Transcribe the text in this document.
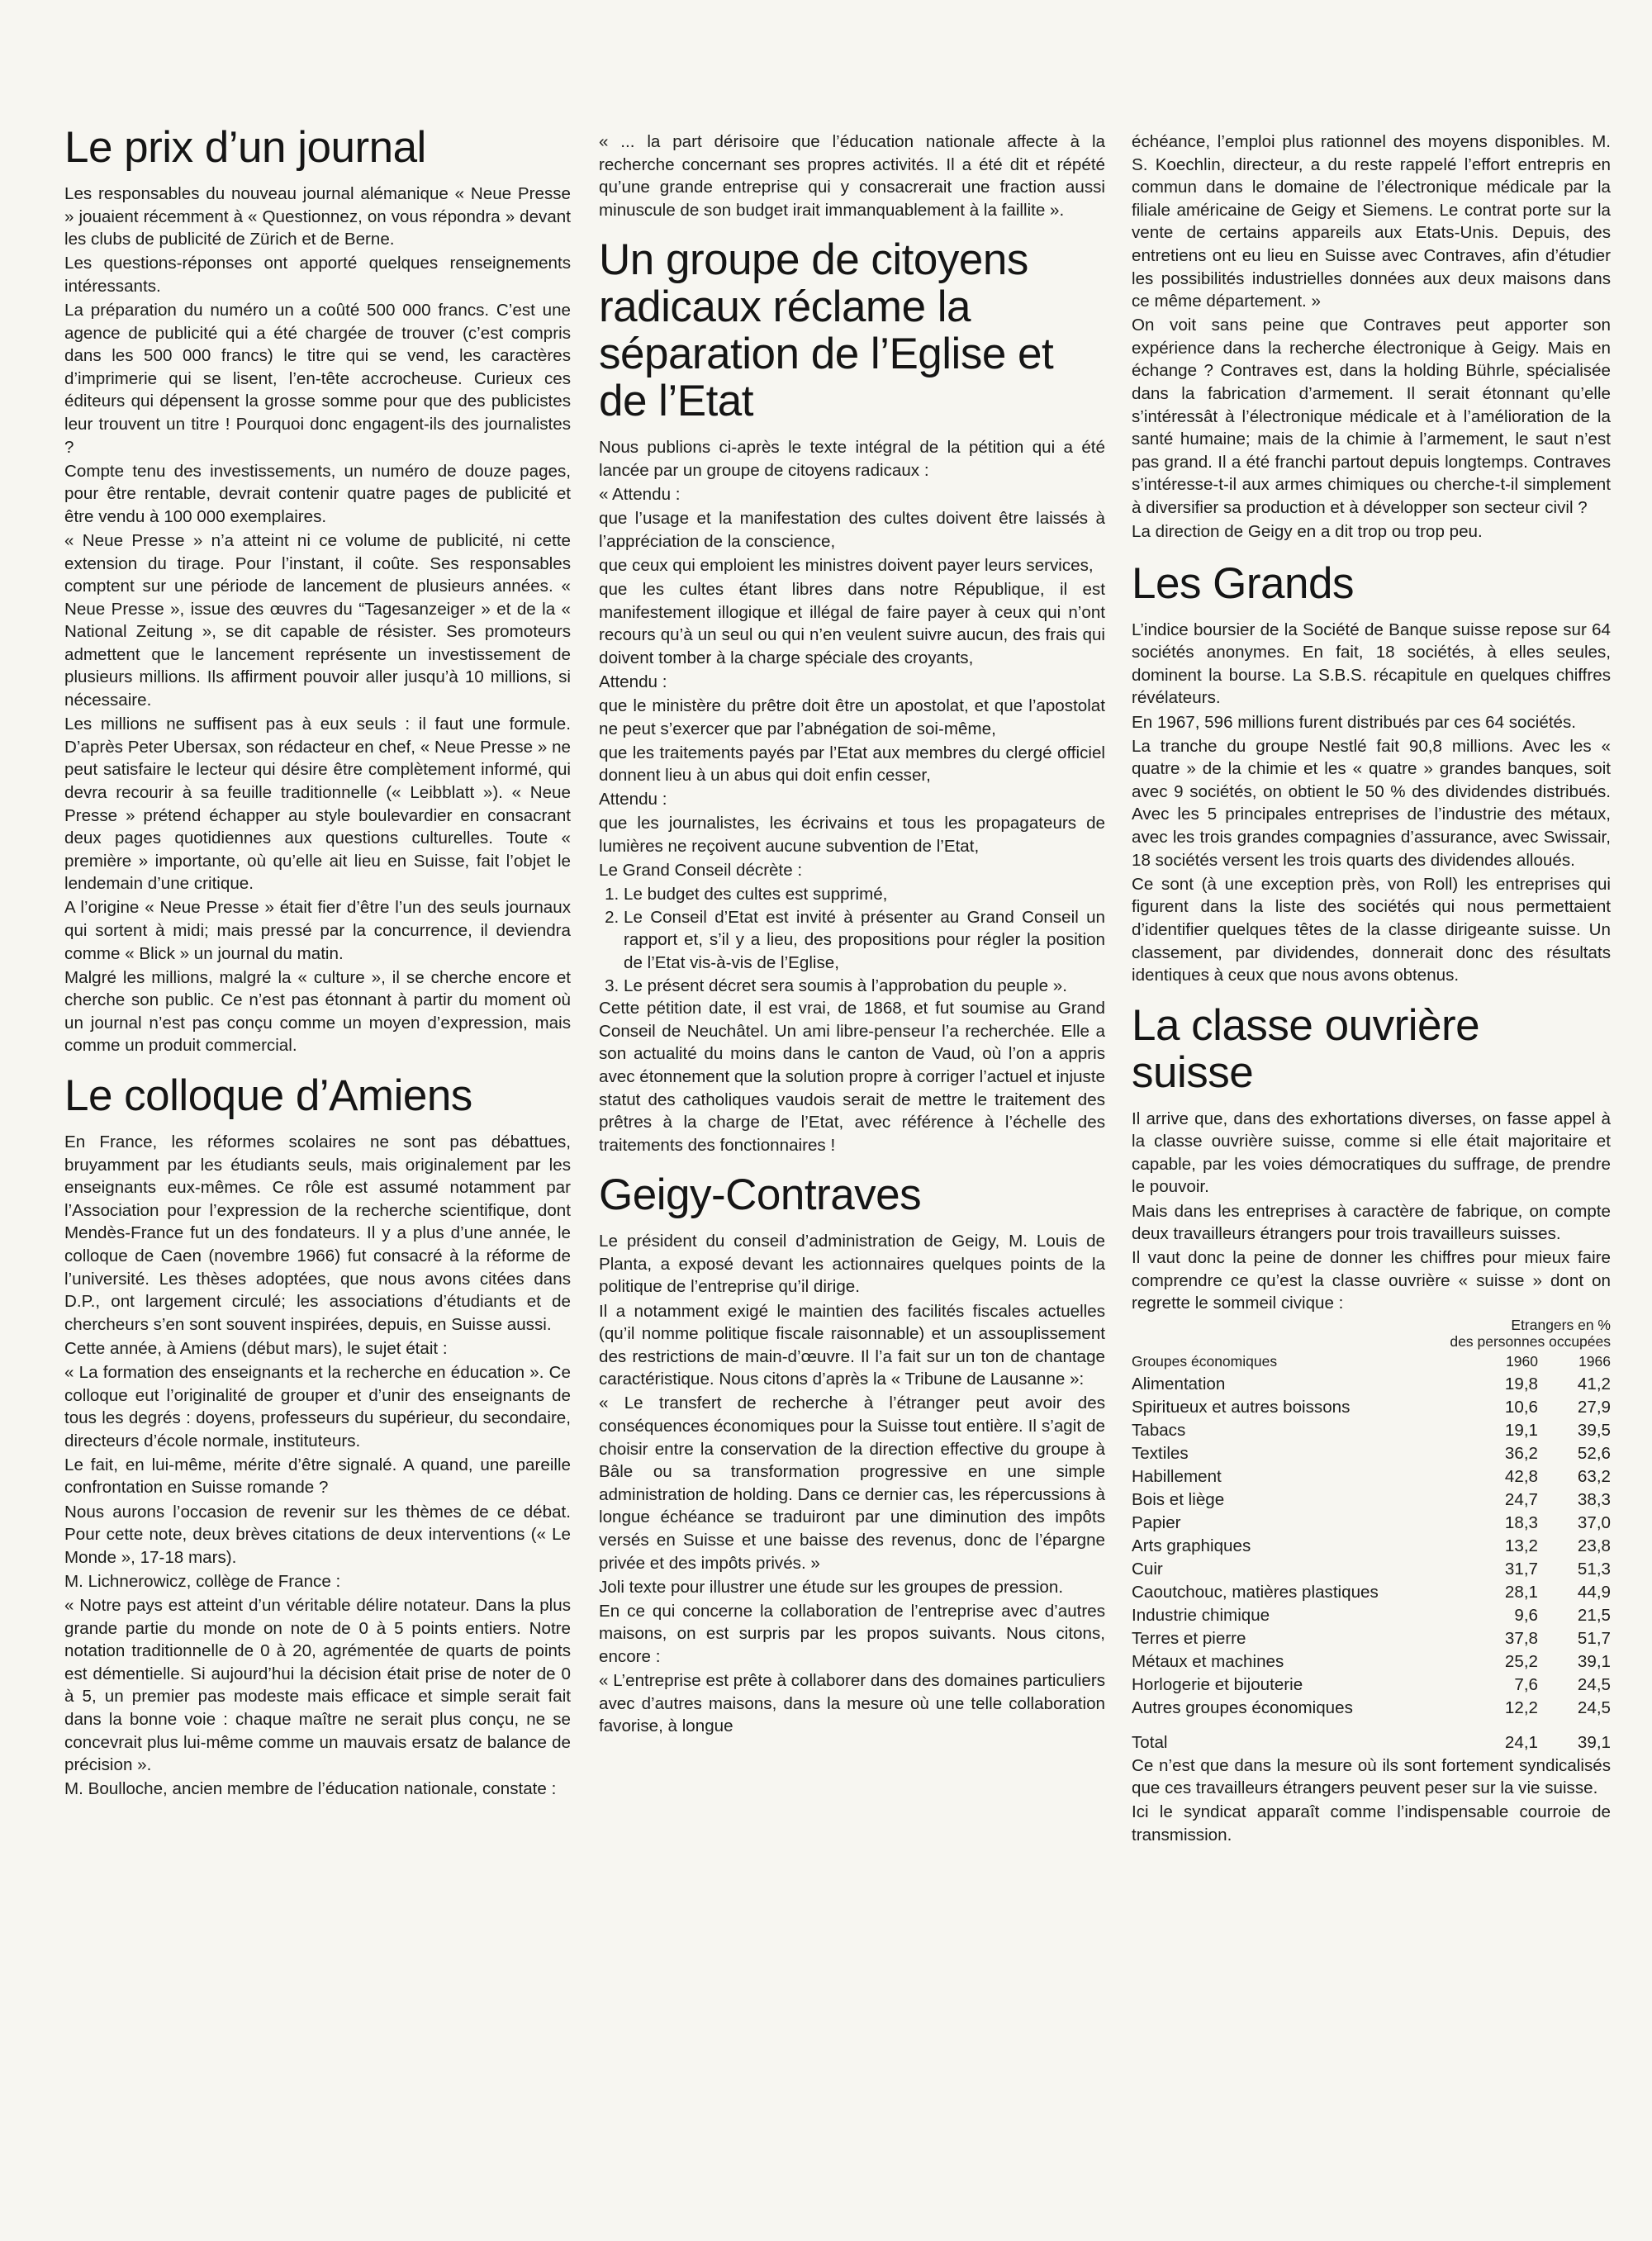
Le prix d’un journal

Les responsables du nouveau journal alémanique « Neue Presse » jouaient récemment à « Questionnez, on vous répondra » devant les clubs de publicité de Zürich et de Berne.

Les questions-réponses ont apporté quelques renseignements intéressants.

La préparation du numéro un a coûté 500 000 francs. C’est une agence de publicité qui a été chargée de trouver (c’est compris dans les 500 000 francs) le titre qui se vend, les caractères d’imprimerie qui se lisent, l’en-tête accrocheuse. Curieux ces éditeurs qui dépensent la grosse somme pour que des publicistes leur trouvent un titre ! Pourquoi donc engagent-ils des journalistes ?

Compte tenu des investissements, un numéro de douze pages, pour être rentable, devrait contenir quatre pages de publicité et être vendu à 100 000 exemplaires.

« Neue Presse » n’a atteint ni ce volume de publicité, ni cette extension du tirage. Pour l’instant, il coûte. Ses responsables comptent sur une période de lancement de plusieurs années. « Neue Presse », issue des œuvres du “Tagesanzeiger » et de la « National Zeitung », se dit capable de résister. Ses promoteurs admettent que le lancement représente un investissement de plusieurs millions. Ils affirment pouvoir aller jusqu’à 10 millions, si nécessaire.

Les millions ne suffisent pas à eux seuls : il faut une formule. D’après Peter Ubersax, son rédacteur en chef, « Neue Presse » ne peut satisfaire le lecteur qui désire être complètement informé, qui devra recourir à sa feuille traditionnelle (« Leibblatt »). « Neue Presse » prétend échapper au style boulevardier en consacrant deux pages quotidiennes aux questions culturelles. Toute « première » importante, où qu’elle ait lieu en Suisse, fait l’objet le lendemain d’une critique.

A l’origine « Neue Presse » était fier d’être l’un des seuls journaux qui sortent à midi; mais pressé par la concurrence, il deviendra comme « Blick » un journal du matin.

Malgré les millions, malgré la « culture », il se cherche encore et cherche son public. Ce n’est pas étonnant à partir du moment où un journal n’est pas conçu comme un moyen d’expression, mais comme un produit commercial.

Le colloque d’Amiens

En France, les réformes scolaires ne sont pas débattues, bruyamment par les étudiants seuls, mais originalement par les enseignants eux-mêmes. Ce rôle est assumé notamment par l’Association pour l’expression de la recherche scientifique, dont Mendès-France fut un des fondateurs. Il y a plus d’une année, le colloque de Caen (novembre 1966) fut consacré à la réforme de l’université. Les thèses adoptées, que nous avons citées dans D.P., ont largement circulé; les associations d’étudiants et de chercheurs s’en sont souvent inspirées, depuis, en Suisse aussi.

Cette année, à Amiens (début mars), le sujet était :

« La formation des enseignants et la recherche en éducation ». Ce colloque eut l’originalité de grouper et d’unir des enseignants de tous les degrés : doyens, professeurs du supérieur, du secondaire, directeurs d’école normale, instituteurs.

Le fait, en lui-même, mérite d’être signalé. A quand, une pareille confrontation en Suisse romande ?

Nous aurons l’occasion de revenir sur les thèmes de ce débat. Pour cette note, deux brèves citations de deux interventions (« Le Monde », 17-18 mars).

M. Lichnerowicz, collège de France :

« Notre pays est atteint d’un véritable délire notateur. Dans la plus grande partie du monde on note de 0 à 5 points entiers. Notre notation traditionnelle de 0 à 20, agrémentée de quarts de points est démentielle. Si aujourd’hui la décision était prise de noter de 0 à 5, un premier pas modeste mais efficace et simple serait fait dans la bonne voie : chaque maître ne serait plus conçu, ne se concevrait plus lui-même comme un mauvais ersatz de balance de précision ».

M. Boulloche, ancien membre de l’éducation nationale, constate :

« ... la part dérisoire que l’éducation nationale affecte à la recherche concernant ses propres activités. Il a été dit et répété qu’une grande entreprise qui y consacrerait une fraction aussi minuscule de son budget irait immanquablement à la faillite ».

Un groupe de citoyens radicaux réclame la séparation de l’Eglise et de l’Etat

Nous publions ci-après le texte intégral de la pétition qui a été lancée par un groupe de citoyens radicaux :

« Attendu :

que l’usage et la manifestation des cultes doivent être laissés à l’appréciation de la conscience,

que ceux qui emploient les ministres doivent payer leurs services,

que les cultes étant libres dans notre République, il est manifestement illogique et illégal de faire payer à ceux qui n’ont recours qu’à un seul ou qui n’en veulent suivre aucun, des frais qui doivent tomber à la charge spéciale des croyants,

Attendu :

que le ministère du prêtre doit être un apostolat, et que l’apostolat ne peut s’exercer que par l’abnégation de soi-même,

que les traitements payés par l’Etat aux membres du clergé officiel donnent lieu à un abus qui doit enfin cesser,

Attendu :

que les journalistes, les écrivains et tous les propagateurs de lumières ne reçoivent aucune subvention de l’Etat,

Le Grand Conseil décrète :

1. Le budget des cultes est supprimé,
2. Le Conseil d’Etat est invité à présenter au Grand Conseil un rapport et, s’il y a lieu, des propositions pour régler la position de l’Etat vis-à-vis de l’Eglise,
3. Le présent décret sera soumis à l’approbation du peuple ».

Cette pétition date, il est vrai, de 1868, et fut soumise au Grand Conseil de Neuchâtel. Un ami libre-penseur l’a recherchée. Elle a son actualité du moins dans le canton de Vaud, où l’on a appris avec étonnement que la solution propre à corriger l’actuel et injuste statut des catholiques vaudois serait de mettre le traitement des prêtres à la charge de l’Etat, avec référence à l’échelle des traitements des fonctionnaires !

Geigy-Contraves

Le président du conseil d’administration de Geigy, M. Louis de Planta, a exposé devant les actionnaires quelques points de la politique de l’entreprise qu’il dirige.

Il a notamment exigé le maintien des facilités fiscales actuelles (qu’il nomme politique fiscale raisonnable) et un assouplissement des restrictions de main-d’œuvre. Il l’a fait sur un ton de chantage caractéristique. Nous citons d’après la « Tribune de Lausanne »:

« Le transfert de recherche à l’étranger peut avoir des conséquences économiques pour la Suisse tout entière. Il s’agit de choisir entre la conservation de la direction effective du groupe à Bâle ou sa transformation progressive en une simple administration de holding. Dans ce dernier cas, les répercussions à longue échéance se traduiront par une diminution des impôts versés en Suisse et une baisse des revenus, donc de l’épargne privée et des impôts privés. »

Joli texte pour illustrer une étude sur les groupes de pression.

En ce qui concerne la collaboration de l’entreprise avec d’autres maisons, on est surpris par les propos suivants. Nous citons, encore :

« L’entreprise est prête à collaborer dans des domaines particuliers avec d’autres maisons, dans la mesure où une telle collaboration favorise, à longue

échéance, l’emploi plus rationnel des moyens disponibles. M. S. Koechlin, directeur, a du reste rappelé l’effort entrepris en commun dans le domaine de l’électronique médicale par la filiale américaine de Geigy et Siemens. Le contrat porte sur la vente de certains appareils aux Etats-Unis. Depuis, des entretiens ont eu lieu en Suisse avec Contraves, afin d’étudier les possibilités industrielles données aux deux maisons dans ce même département. »

On voit sans peine que Contraves peut apporter son expérience dans la recherche électronique à Geigy. Mais en échange ? Contraves est, dans la holding Bührle, spécialisée dans la fabrication d’armement. Il serait étonnant qu’elle s’intéressât à l’électronique médicale et à l’amélioration de la santé humaine; mais de la chimie à l’armement, le saut n’est pas grand. Il a été franchi partout depuis longtemps. Contraves s’intéresse-t-il aux armes chimiques ou cherche-t-il simplement à diversifier sa production et à développer son secteur civil ?

La direction de Geigy en a dit trop ou trop peu.

Les Grands

L’indice boursier de la Société de Banque suisse repose sur 64 sociétés anonymes. En fait, 18 sociétés, à elles seules, dominent la bourse. La S.B.S. récapitule en quelques chiffres révélateurs.

En 1967, 596 millions furent distribués par ces 64 sociétés.

La tranche du groupe Nestlé fait 90,8 millions. Avec les « quatre » de la chimie et les « quatre » grandes banques, soit avec 9 sociétés, on obtient le 50 % des dividendes distribués. Avec les 5 principales entreprises de l’industrie des métaux, avec les trois grandes compagnies d’assurance, avec Swissair, 18 sociétés versent les trois quarts des dividendes alloués.

Ce sont (à une exception près, von Roll) les entreprises qui figurent dans la liste des sociétés qui nous permettaient d’identifier quelques têtes de la classe dirigeante suisse. Un classement, par dividendes, donnerait donc des résultats identiques à ceux que nous avons obtenus.

La classe ouvrière suisse

Il arrive que, dans des exhortations diverses, on fasse appel à la classe ouvrière suisse, comme si elle était majoritaire et capable, par les voies démocratiques du suffrage, de prendre le pouvoir.

Mais dans les entreprises à caractère de fabrique, on compte deux travailleurs étrangers pour trois travailleurs suisses.

Il vaut donc la peine de donner les chiffres pour mieux faire comprendre ce qu’est la classe ouvrière « suisse » dont on regrette le sommeil civique :

Etrangers en %
des personnes occupées
Groupes économiques	1960	1966
Alimentation	19,8	41,2
Spiritueux et autres boissons	10,6	27,9
Tabacs	19,1	39,5
Textiles	36,2	52,6
Habillement	42,8	63,2
Bois et liège	24,7	38,3
Papier	18,3	37,0
Arts graphiques	13,2	23,8
Cuir	31,7	51,3
Caoutchouc, matières plastiques	28,1	44,9
Industrie chimique	9,6	21,5
Terres et pierre	37,8	51,7
Métaux et machines	25,2	39,1
Horlogerie et bijouterie	7,6	24,5
Autres groupes économiques	12,2	24,5
Total	24,1	39,1

Ce n’est que dans la mesure où ils sont fortement syndicalisés que ces travailleurs étrangers peuvent peser sur la vie suisse.

Ici le syndicat apparaît comme l’indispensable courroie de transmission.
